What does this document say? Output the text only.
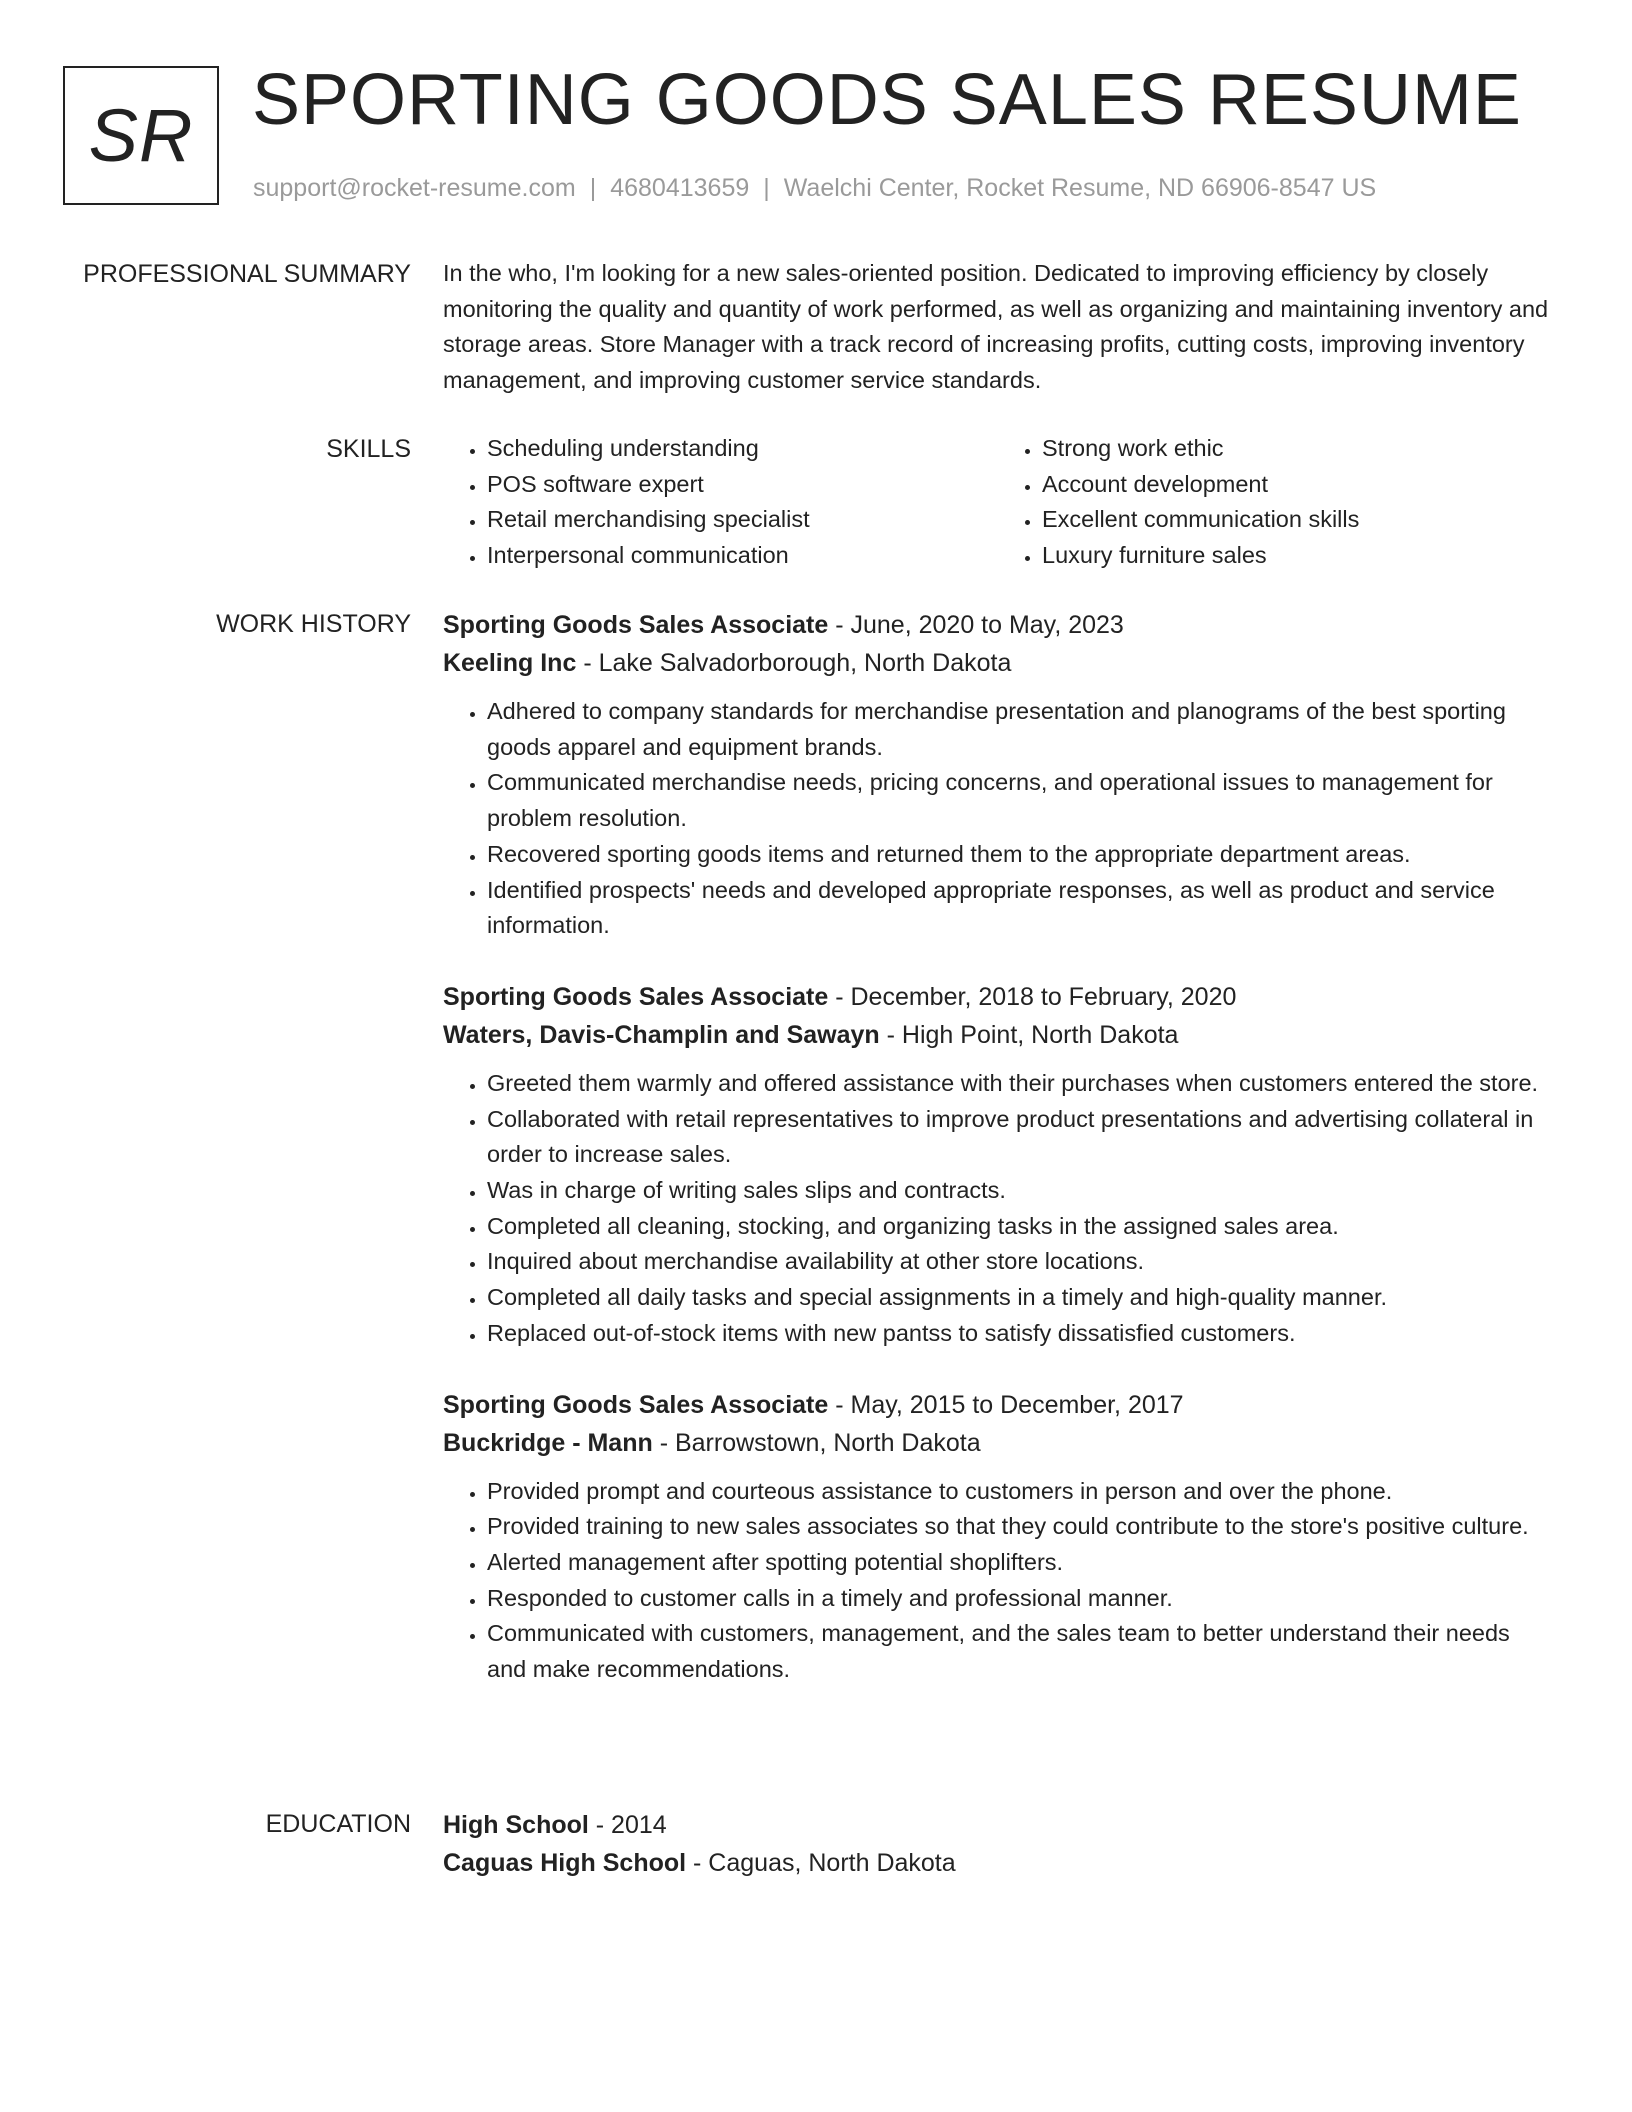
SR SPORTING GOODS SALES RESUME
support@rocket-resume.com | 4680413659 | Waelchi Center, Rocket Resume, ND 66906-8547 US
PROFESSIONAL SUMMARY In the who, I'm looking for a new sales-oriented position. Dedicated to improving efficiency by closely monitoring the quality and quantity of work performed, as well as organizing and maintaining inventory and storage areas. Store Manager with a track record of increasing profits, cutting costs, improving inventory management, and improving customer service standards.

SKILLS
•	Scheduling understanding
• POS software expert
• Retail merchandising specialist
• Interpersonal communication
• Strong work ethic
• Account development
• Excellent communication skills
• Luxury furniture sales
WORK HISTORY Sporting Goods Sales Associate - June, 2020 to May, 2023
Keeling Inc - Lake Salvadorborough, North Dakota
• Adhered to company standards for merchandise presentation and planograms of the best sporting goods apparel and equipment brands.
• Communicated merchandise needs, pricing concerns, and operational issues to management for problem resolution.
• Recovered sporting goods items and returned them to the appropriate department areas.
• Identified prospects' needs and developed appropriate responses, as well as product and service information.
Sporting Goods Sales Associate - December, 2018 to February, 2020
Waters, Davis-Champlin and Sawayn - High Point, North Dakota
• Greeted them warmly and offered assistance with their purchases when customers entered the store.
• Collaborated with retail representatives to improve product presentations and advertising collateral in order to increase sales.
• Was in charge of writing sales slips and contracts.
• Completed all cleaning, stocking, and organizing tasks in the assigned sales area.
• Inquired about merchandise availability at other store locations.
• Completed all daily tasks and special assignments in a timely and high-quality manner.
• Replaced out-of-stock items with new pantss to satisfy dissatisfied customers.
Sporting Goods Sales Associate - May, 2015 to December, 2017
Buckridge - Mann - Barrowstown, North Dakota
• Provided prompt and courteous assistance to customers in person and over the phone.
• Provided training to new sales associates so that they could contribute to the store's positive culture.
• Alerted management after spotting potential shoplifters.
• Responded to customer calls in a timely and professional manner.
• Communicated with customers, management, and the sales team to better understand their needs and make recommendations.
EDUCATION High School - 2014
Caguas High School - Caguas, North Dakota
